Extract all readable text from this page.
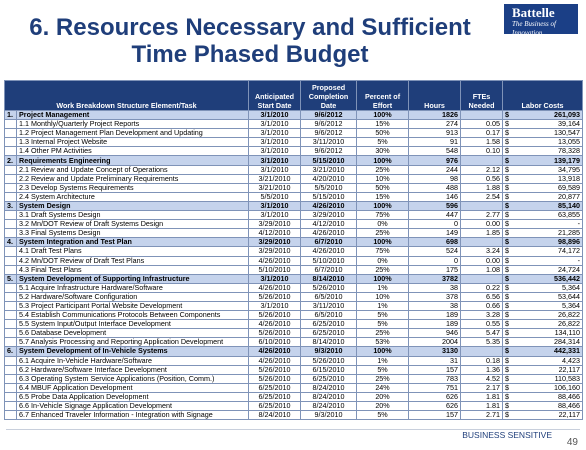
6. Resources Necessary and Sufficient Time Phased Budget
Battelle
The Business of Innovation
Work Breakdown Structure Element/Task		Anticipated Start Date	Proposed Completion Date	Percent of Effort	Hours	FTEs Needed	Labor Costs	
1.	Project Management	3/1/2010	9/6/2012	100%	1826		$	261,093
	1.1 Monthly/Quarterly Project Reports	3/1/2010	9/6/2012	15%	274	0.05	$	39,164
	1.2 Project Management Plan Development and Updating	3/1/2010	9/6/2012	50%	913	0.17	$	130,547
	1.3 Internal Project Website	3/1/2010	3/11/2010	5%	91	1.58	$	13,055
	1.4 Other PM Activities	3/1/2010	9/6/2012	30%	548	0.10	$	78,328
2.	Requirements Engineering	3/1/2010	5/15/2010	100%	976		$	139,179
	2.1 Review and Update Concept of Operations	3/1/2010	3/21/2010	25%	244	2.12	$	34,795
	2.2 Review and Update Preliminary Requirements	3/21/2010	4/20/2010	10%	98	0.56	$	13,918
	2.3 Develop Systems Requirements	3/21/2010	5/5/2010	50%	488	1.88	$	69,589
	2.4 System Architecture	5/5/2010	5/15/2010	15%	146	2.54	$	20,877
3.	System Design	3/1/2010	4/26/2010	100%	596		$	85,140
	3.1 Draft Systems Design	3/1/2010	3/29/2010	75%	447	2.77	$	63,855
	3.2 Mn/DOT Review of Draft Systems Design	3/29/2010	4/12/2010	0%	0	0.00	$	-
	3.3 Final Systems Design	4/12/2010	4/26/2010	25%	149	1.85	$	21,285
4.	System Integration and Test Plan	3/29/2010	6/7/2010	100%	698		$	98,896
	4.1 Draft Test Plans	3/29/2010	4/26/2010	75%	524	3.24	$	74,172
	4.2 Mn/DOT Review of Draft Test Plans	4/26/2010	5/10/2010	0%	0	0.00	$	-
	4.3 Final Test Plans	5/10/2010	6/7/2010	25%	175	1.08	$	24,724
5.	System Development of Supporting Infrastructure	3/1/2010	8/14/2010	100%	3782		$	536,442
	5.1 Acquire Infrastructure Hardware/Software	4/26/2010	5/26/2010	1%	38	0.22	$	5,364
	5.2 Hardware/Software Configuration	5/26/2010	6/5/2010	10%	378	6.56	$	53,644
	5.3 Project Participant Portal Website Development	3/1/2010	3/11/2010	1%	38	0.66	$	5,364
	5.4 Establish Communications Protocols Between Components	5/26/2010	6/5/2010	5%	189	3.28	$	26,822
	5.5 System Input/Output Interface Development	4/26/2010	6/25/2010	5%	189	0.55	$	26,822
	5.6 Database Development	5/26/2010	6/25/2010	25%	946	5.47	$	134,110
	5.7 Analysis Processing and Reporting Application Development	6/10/2010	8/14/2010	53%	2004	5.35	$	284,314
6.	System Development of In-Vehicle Systems	4/26/2010	9/3/2010	100%	3130		$	442,331
	6.1 Acquire In-Vehicle Hardware/Software	4/26/2010	5/26/2010	1%	31	0.18	$	4,423
	6.2 Hardware/Software Interface Development	5/26/2010	6/15/2010	5%	157	1.36	$	22,117
	6.3 Operating System Service Applications (Position, Comm.)	5/26/2010	6/25/2010	25%	783	4.52	$	110,583
	6.4 MBUF Application Development	6/25/2010	8/24/2010	24%	751	2.17	$	106,160
	6.5 Probe Data Application Development	6/25/2010	8/24/2010	20%	626	1.81	$	88,466
	6.6 In-Vehicle Signage Application Development	6/25/2010	8/24/2010	20%	626	1.81	$	88,466
	6.7 Enhanced Traveler Information - Integration with Signage	8/24/2010	9/3/2010	5%	157	2.71	$	22,117
BUSINESS SENSITIVE
49
